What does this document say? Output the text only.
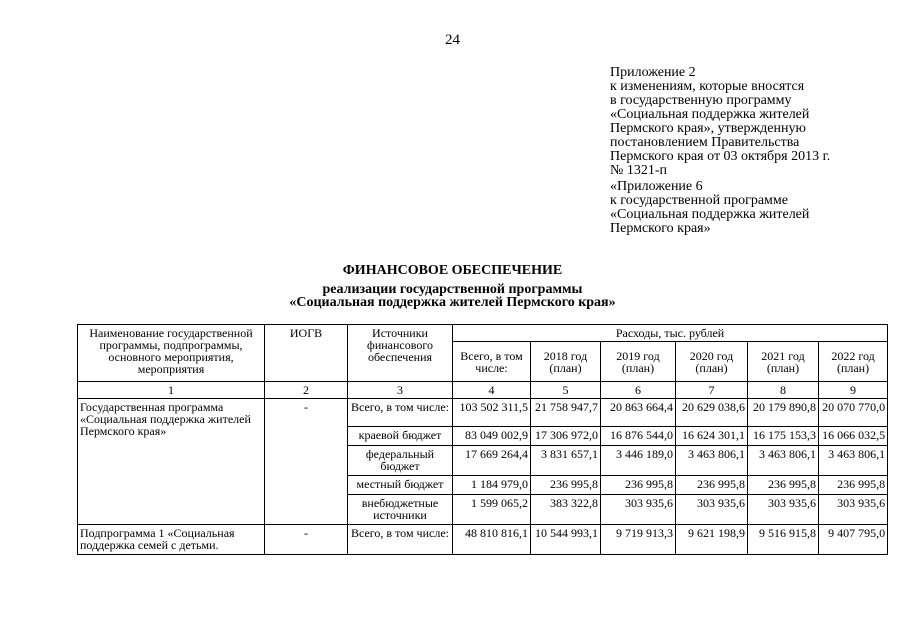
24
Приложение 2
к изменениям, которые вносятся
в государственную программу
«Социальная поддержка жителей
Пермского края», утвержденную
постановлением Правительства
Пермского края от 03 октября 2013 г.
№ 1321-п
«Приложение 6
к государственной программе
«Социальная поддержка жителей
Пермского края»
ФИНАНСОВОЕ ОБЕСПЕЧЕНИЕ
реализации государственной программы
«Социальная поддержка жителей Пермского края»
Наименование государственной программы, подпрограммы, основного мероприятия, мероприятия	ИОГВ	Источники финансового обеспечения	Расходы, тыс. рублей					
			Всего, в том числе:	2018 год (план)	2019 год (план)	2020 год (план)	2021 год (план)	2022 год (план)
1	2	3	4	5	6	7	8	9
Государственная программа «Социальная поддержка жителей Пермского края»	-	Всего, в том числе:	103 502 311,5	21 758 947,7	20 863 664,4	20 629 038,6	20 179 890,8	20 070 770,0
		краевой бюджет	83 049 002,9	17 306 972,0	16 876 544,0	16 624 301,1	16 175 153,3	16 066 032,5
		федеральный бюджет	17 669 264,4	3 831 657,1	3 446 189,0	3 463 806,1	3 463 806,1	3 463 806,1
		местный бюджет	1 184 979,0	236 995,8	236 995,8	236 995,8	236 995,8	236 995,8
		внебюджетные источники	1 599 065,2	383 322,8	303 935,6	303 935,6	303 935,6	303 935,6
Подпрограмма 1 «Социальная поддержка семей с детьми.	-	Всего, в том числе:	48 810 816,1	10 544 993,1	9 719 913,3	9 621 198,9	9 516 915,8	9 407 795,0
